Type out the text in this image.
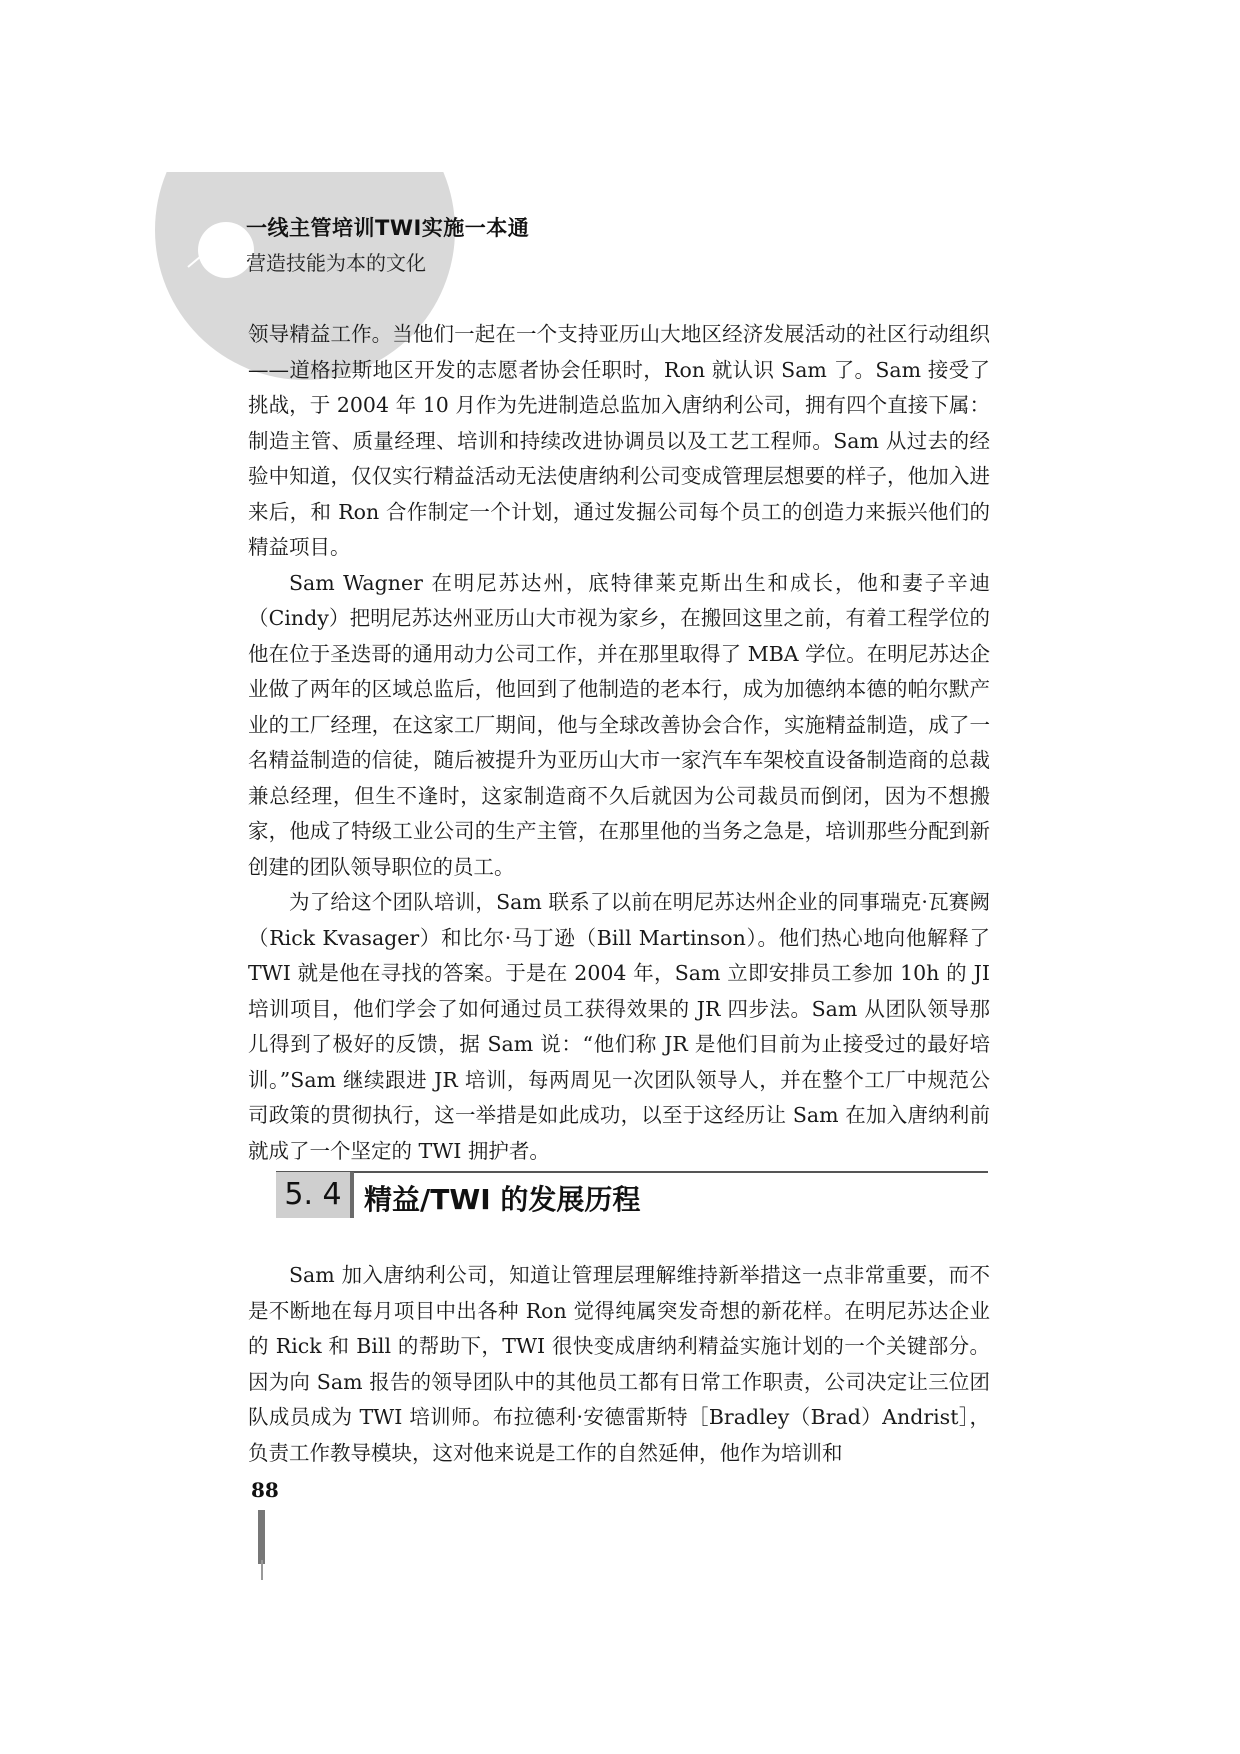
一线主管培训TWI实施一本通
营造技能为本的文化

领导精益工作。当他们一起在一个支持亚历山大地区经济发展活动的社区行动组织——道格拉斯地区开发的志愿者协会任职时，Ron 就认识 Sam 了。Sam 接受了挑战，于 2004 年 10 月作为先进制造总监加入唐纳利公司，拥有四个直接下属：制造主管、质量经理、培训和持续改进协调员以及工艺工程师。Sam 从过去的经验中知道，仅仅实行精益活动无法使唐纳利公司变成管理层想要的样子，他加入进来后，和 Ron 合作制定一个计划，通过发掘公司每个员工的创造力来振兴他们的精益项目。

Sam Wagner 在明尼苏达州，底特律莱克斯出生和成长，他和妻子辛迪（Cindy）把明尼苏达州亚历山大市视为家乡，在搬回这里之前，有着工程学位的他在位于圣迭哥的通用动力公司工作，并在那里取得了 MBA 学位。在明尼苏达企业做了两年的区域总监后，他回到了他制造的老本行，成为加德纳本德的帕尔默产业的工厂经理，在这家工厂期间，他与全球改善协会合作，实施精益制造，成了一名精益制造的信徒，随后被提升为亚历山大市一家汽车车架校直设备制造商的总裁兼总经理，但生不逢时，这家制造商不久后就因为公司裁员而倒闭，因为不想搬家，他成了特级工业公司的生产主管，在那里他的当务之急是，培训那些分配到新创建的团队领导职位的员工。

为了给这个团队培训，Sam 联系了以前在明尼苏达州企业的同事瑞克·瓦赛阙（Rick Kvasager）和比尔·马丁逊（Bill Martinson）。他们热心地向他解释了 TWI 就是他在寻找的答案。于是在 2004 年，Sam 立即安排员工参加 10h 的 JI 培训项目，他们学会了如何通过员工获得效果的 JR 四步法。Sam 从团队领导那儿得到了极好的反馈，据 Sam 说：“他们称 JR 是他们目前为止接受过的最好培训。”Sam 继续跟进 JR 培训，每两周见一次团队领导人，并在整个工厂中规范公司政策的贯彻执行，这一举措是如此成功，以至于这经历让 Sam 在加入唐纳利前就成了一个坚定的 TWI 拥护者。

5. 4 精益/TWI 的发展历程

Sam 加入唐纳利公司，知道让管理层理解维持新举措这一点非常重要，而不是不断地在每月项目中出各种 Ron 觉得纯属突发奇想的新花样。在明尼苏达企业的 Rick 和 Bill 的帮助下，TWI 很快变成唐纳利精益实施计划的一个关键部分。因为向 Sam 报告的领导团队中的其他员工都有日常工作职责，公司决定让三位团队成员成为 TWI 培训师。布拉德利·安德雷斯特［Bradley（Brad）Andrist］，负责工作教导模块，这对他来说是工作的自然延伸，他作为培训和

88
